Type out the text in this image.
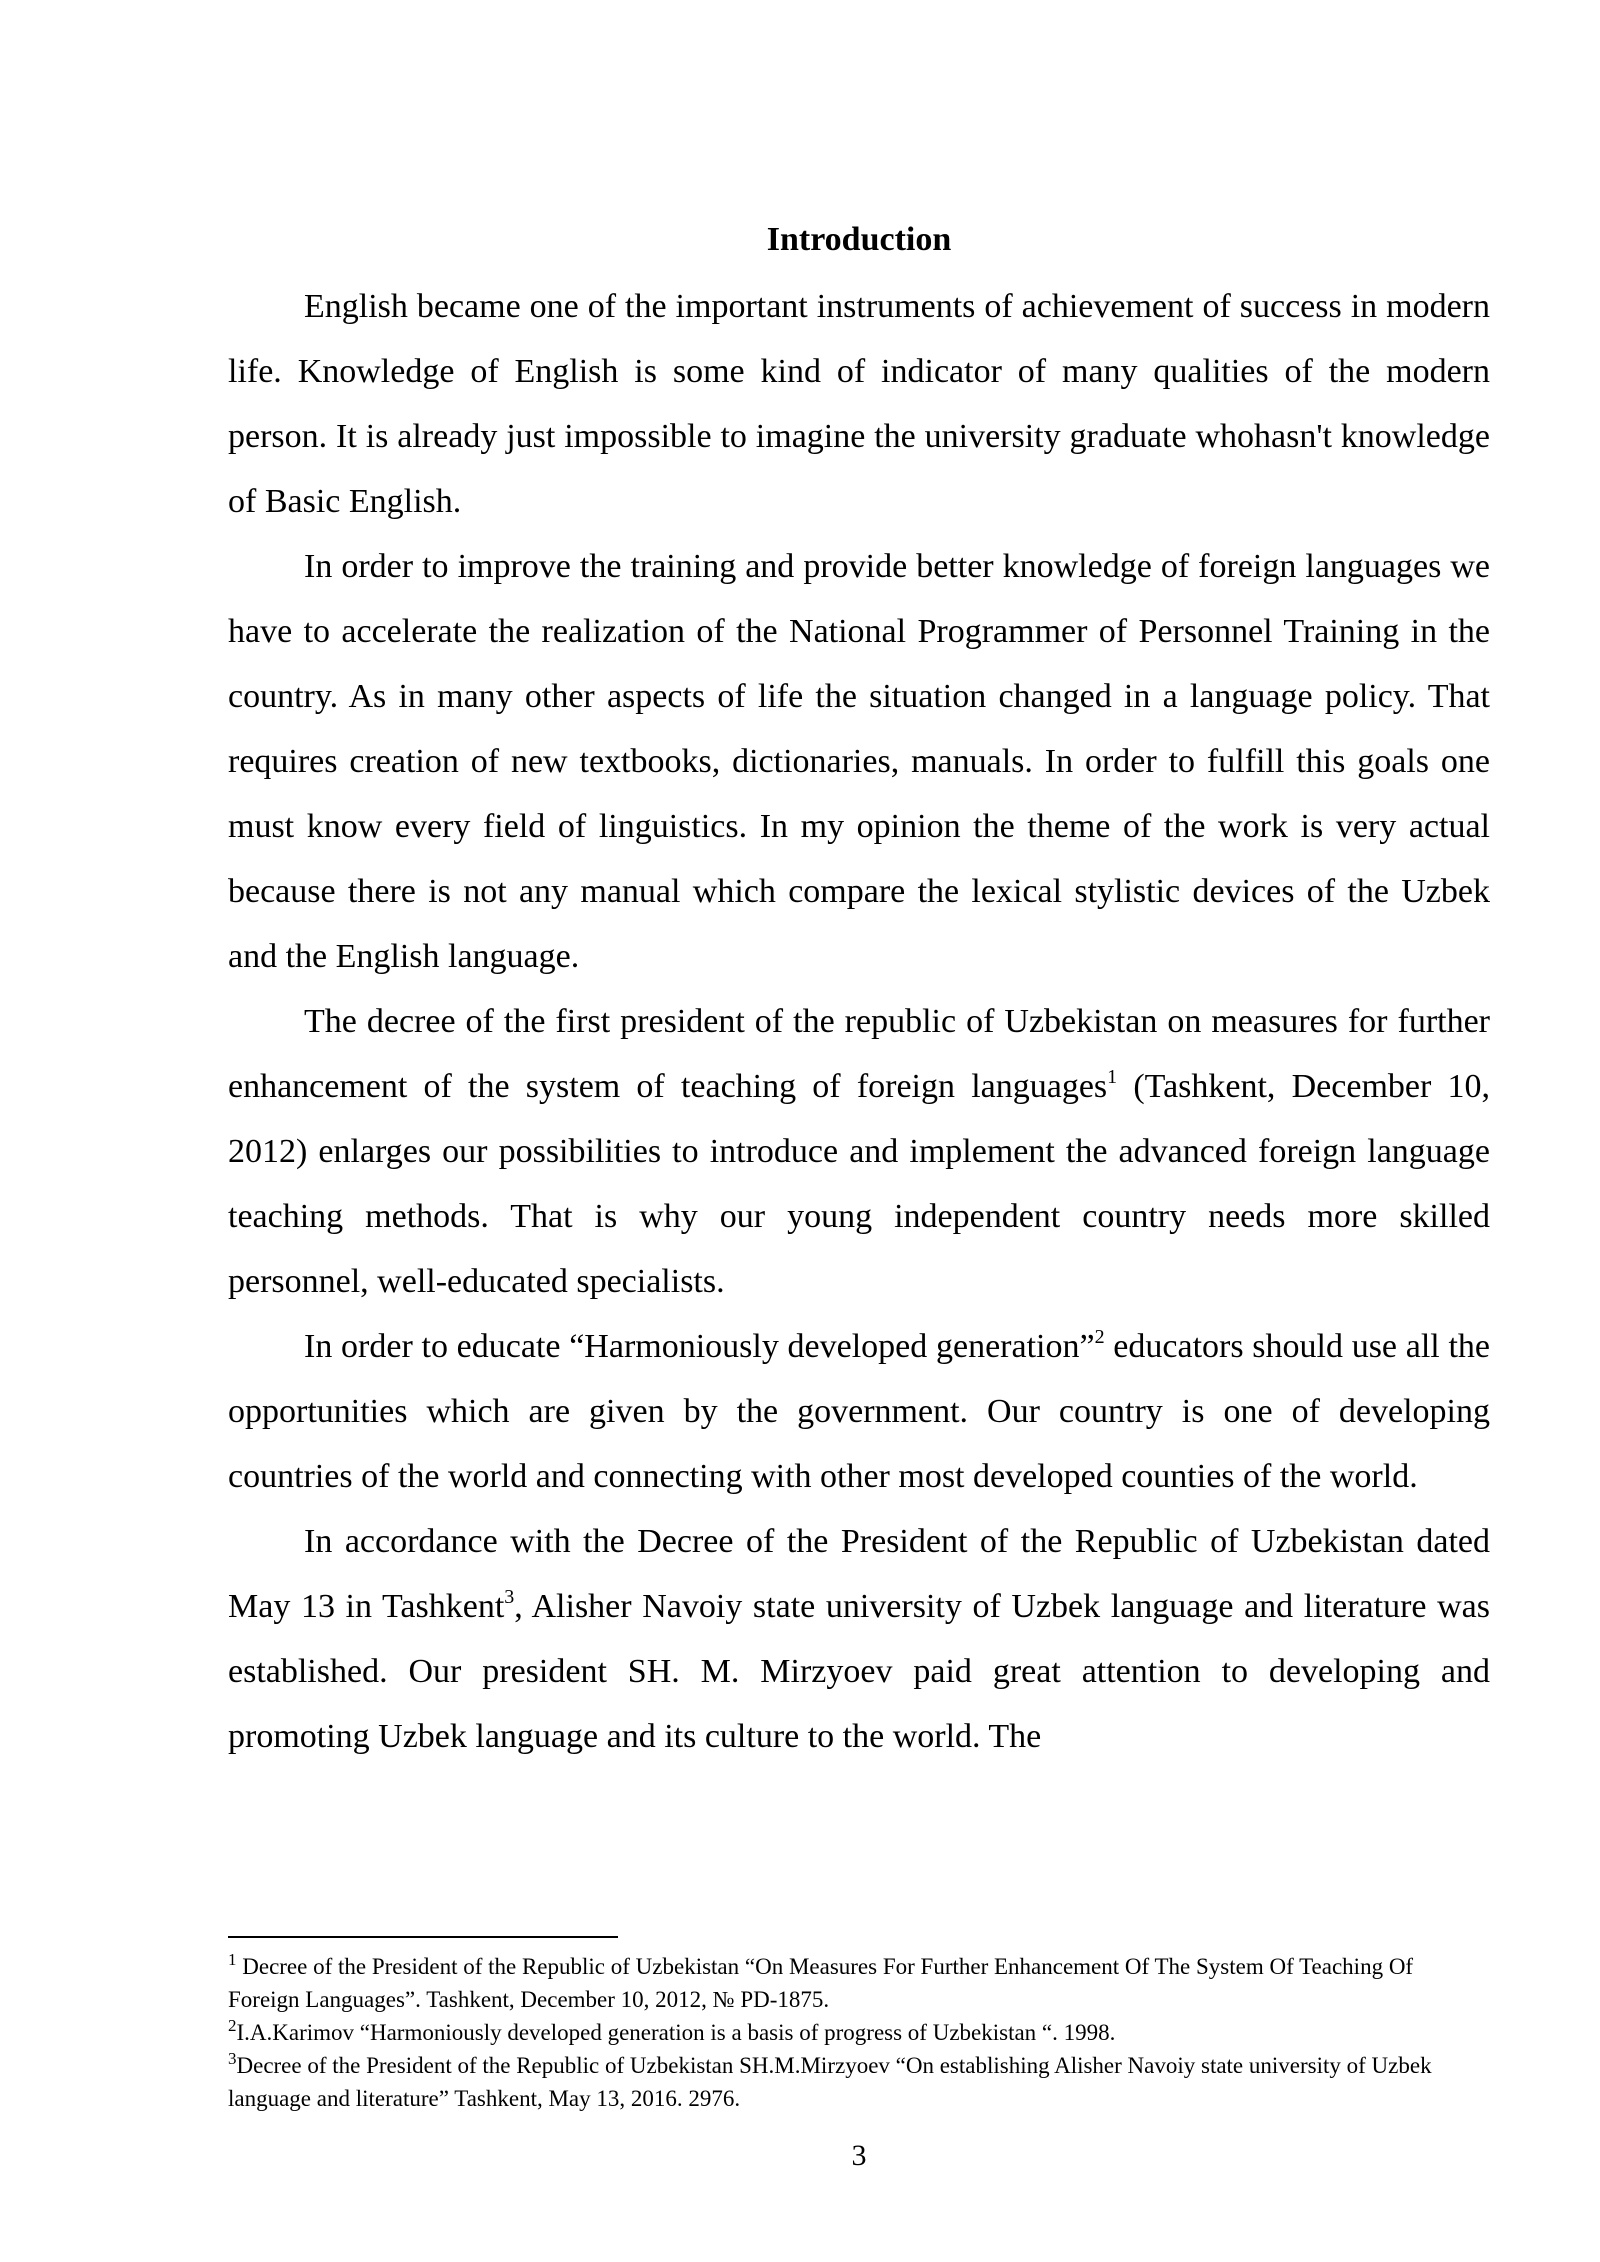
Introduction

English became one of the important instruments of achievement of success in modern life. Knowledge of English is some kind of indicator of many qualities of the modern person. It is already just impossible to imagine the university graduate whohasn't knowledge of Basic English.

In order to improve the training and provide better knowledge of foreign languages we have to accelerate the realization of the National Programmer of Personnel Training in the country. As in many other aspects of life the situation changed in a language policy. That requires creation of new textbooks, dictionaries, manuals. In order to fulfill this goals one must know every field of linguistics. In my opinion the theme of the work is very actual because there is not any manual which compare the lexical stylistic devices of the Uzbek and the English language.

The decree of the first president of the republic of Uzbekistan on measures for further enhancement of the system of teaching of foreign languages$^1$ (Tashkent, December 10, 2012) enlarges our possibilities to introduce and implement the advanced foreign language teaching methods. That is why our young independent country needs more skilled personnel, well-educated specialists.

In order to educate “Harmoniously developed generation”$^2$ educators should use all the opportunities which are given by the government. Our country is one of developing countries of the world and connecting with other most developed counties of the world.

In accordance with the Decree of the President of the Republic of Uzbekistan dated May 13 in Tashkent$^3$, Alisher Navoiy state university of Uzbek language and literature was established. Our president SH. M. Mirzyoev paid great attention to developing and promoting Uzbek language and its culture to the world. The

$^1$ Decree of the President of the Republic of Uzbekistan “On Measures For Further Enhancement Of The System Of Teaching Of Foreign Languages”. Tashkent, December 10, 2012, № PD-1875.

$^2$I.A.Karimov “Harmoniously developed generation is a basis of progress of Uzbekistan “. 1998.

$^3$Decree of the President of the Republic of Uzbekistan SH.M.Mirzyoev “On establishing Alisher Navoiy state university of Uzbek language and literature” Tashkent, May 13, 2016. 2976.

3
